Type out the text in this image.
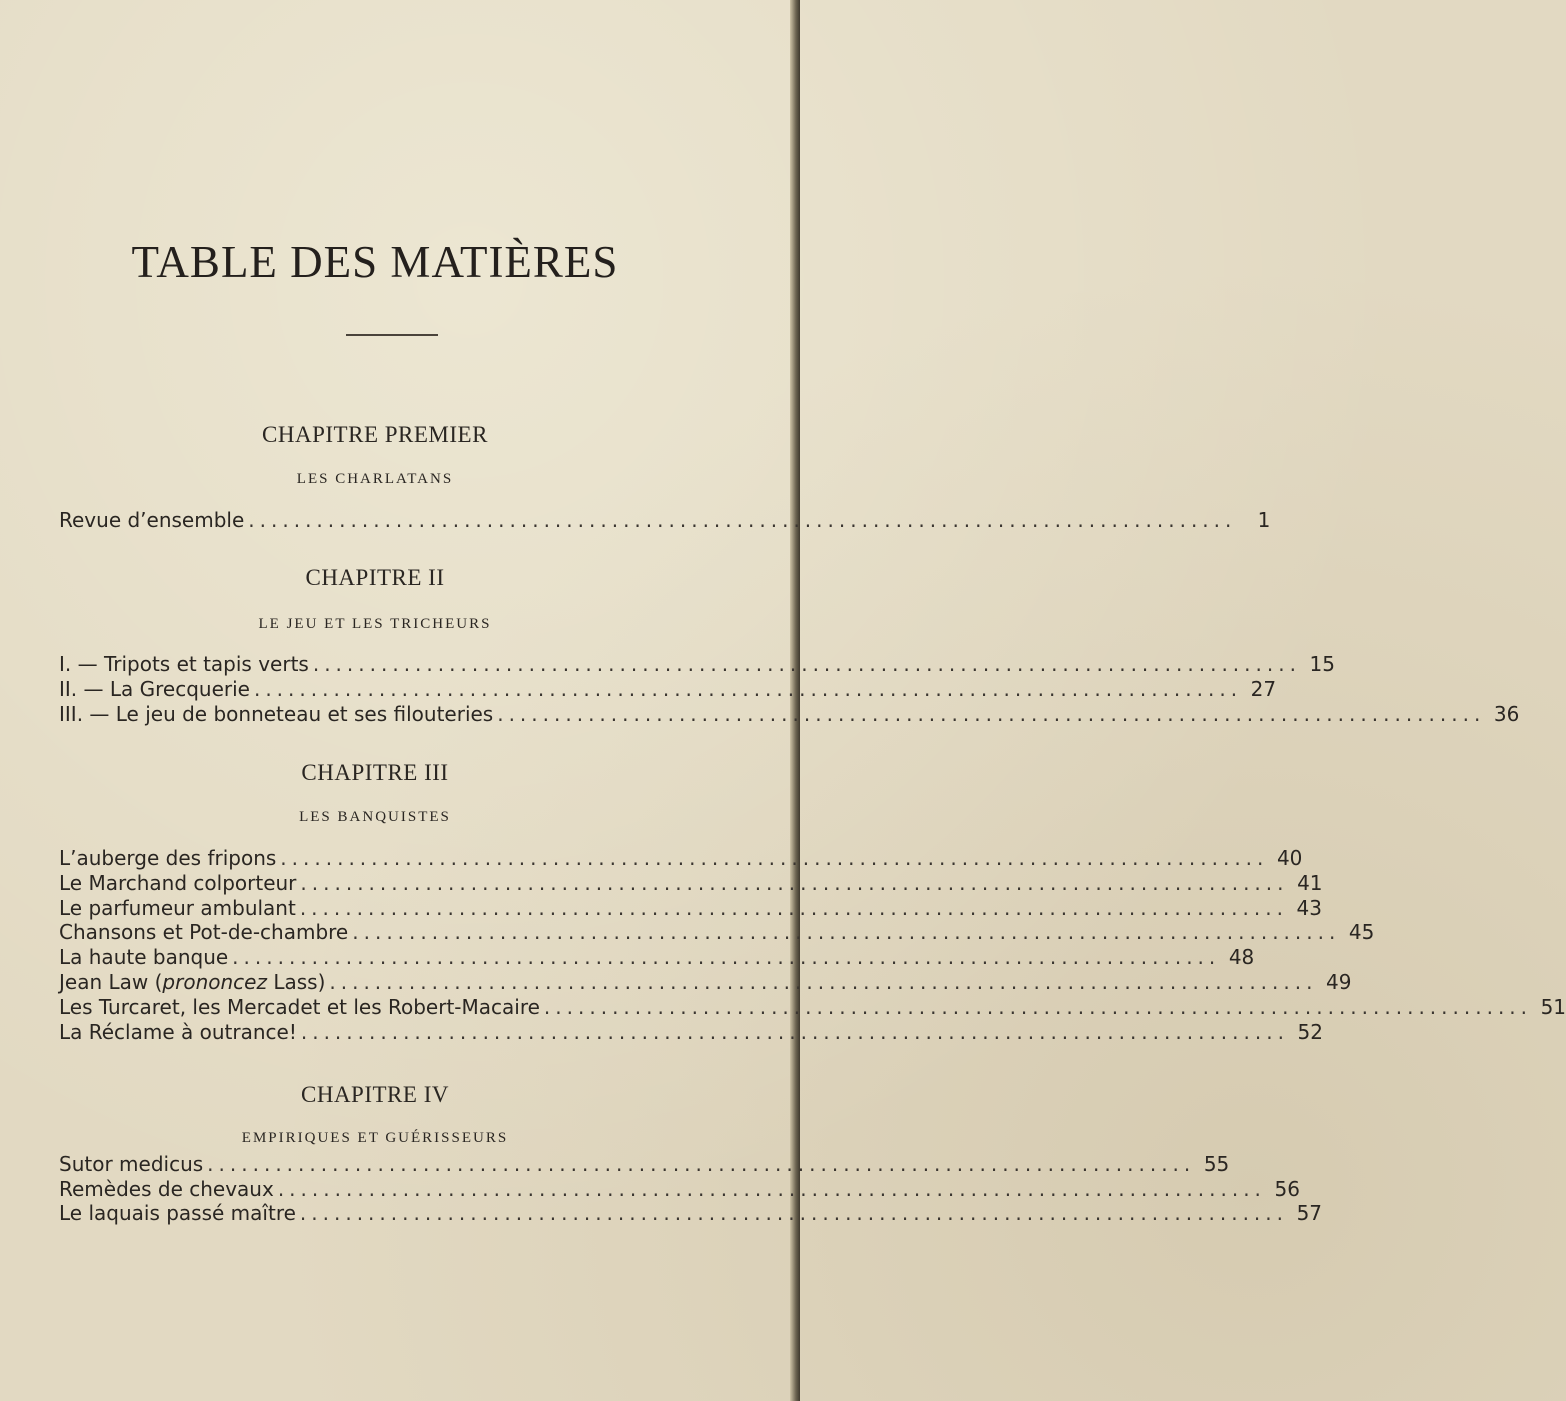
TABLE DES MATIÈRES
CHAPITRE PREMIER
LES CHARLATANS
Revue d’ensemble .......................................................................................	1
CHAPITRE II
LE JEU ET LES TRICHEURS
I. — Tripots et tapis verts ....................................................................................... 15
II. — La Grecquerie ....................................................................................... 27
III. — Le jeu de bonneteau et ses filouteries ....................................................................................... 36
CHAPITRE III
LES BANQUISTES
L’auberge des fripons ....................................................................................... 40
Le Marchand colporteur ....................................................................................... 41
Le parfumeur ambulant ....................................................................................... 43
Chansons et Pot-de-chambre ....................................................................................... 45
La haute banque ....................................................................................... 48
Jean Law (prononcez Lass) ....................................................................................... 49
Les Turcaret, les Mercadet et les Robert-Macaire ....................................................................................... 51
La Réclame à outrance! ....................................................................................... 52
CHAPITRE IV
EMPIRIQUES ET GUÉRISSEURS
Sutor medicus ....................................................................................... 55
Remèdes de chevaux ....................................................................................... 56
Le laquais passé maître ....................................................................................... 57
